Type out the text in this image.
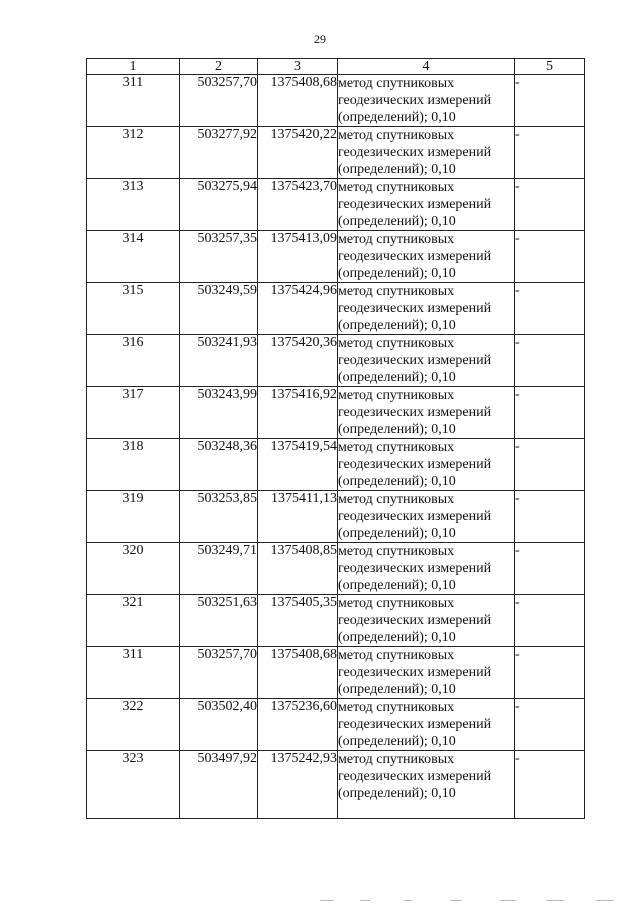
29
1	2	3	4	5
311	503257,70	1375408,68	метод спутниковых геодезических измерений (определений); 0,10	-
312	503277,92	1375420,22	метод спутниковых геодезических измерений (определений); 0,10	-
313	503275,94	1375423,70	метод спутниковых геодезических измерений (определений); 0,10	-
314	503257,35	1375413,09	метод спутниковых геодезических измерений (определений); 0,10	-
315	503249,59	1375424,96	метод спутниковых геодезических измерений (определений); 0,10	-
316	503241,93	1375420,36	метод спутниковых геодезических измерений (определений); 0,10	-
317	503243,99	1375416,92	метод спутниковых геодезических измерений (определений); 0,10	-
318	503248,36	1375419,54	метод спутниковых геодезических измерений (определений); 0,10	-
319	503253,85	1375411,13	метод спутниковых геодезических измерений (определений); 0,10	-
320	503249,71	1375408,85	метод спутниковых геодезических измерений (определений); 0,10	-
321	503251,63	1375405,35	метод спутниковых геодезических измерений (определений); 0,10	-
311	503257,70	1375408,68	метод спутниковых геодезических измерений (определений); 0,10	-
322	503502,40	1375236,60	метод спутниковых геодезических измерений (определений); 0,10	-
323	503497,92	1375242,93	метод спутниковых геодезических измерений (определений); 0,10	-
